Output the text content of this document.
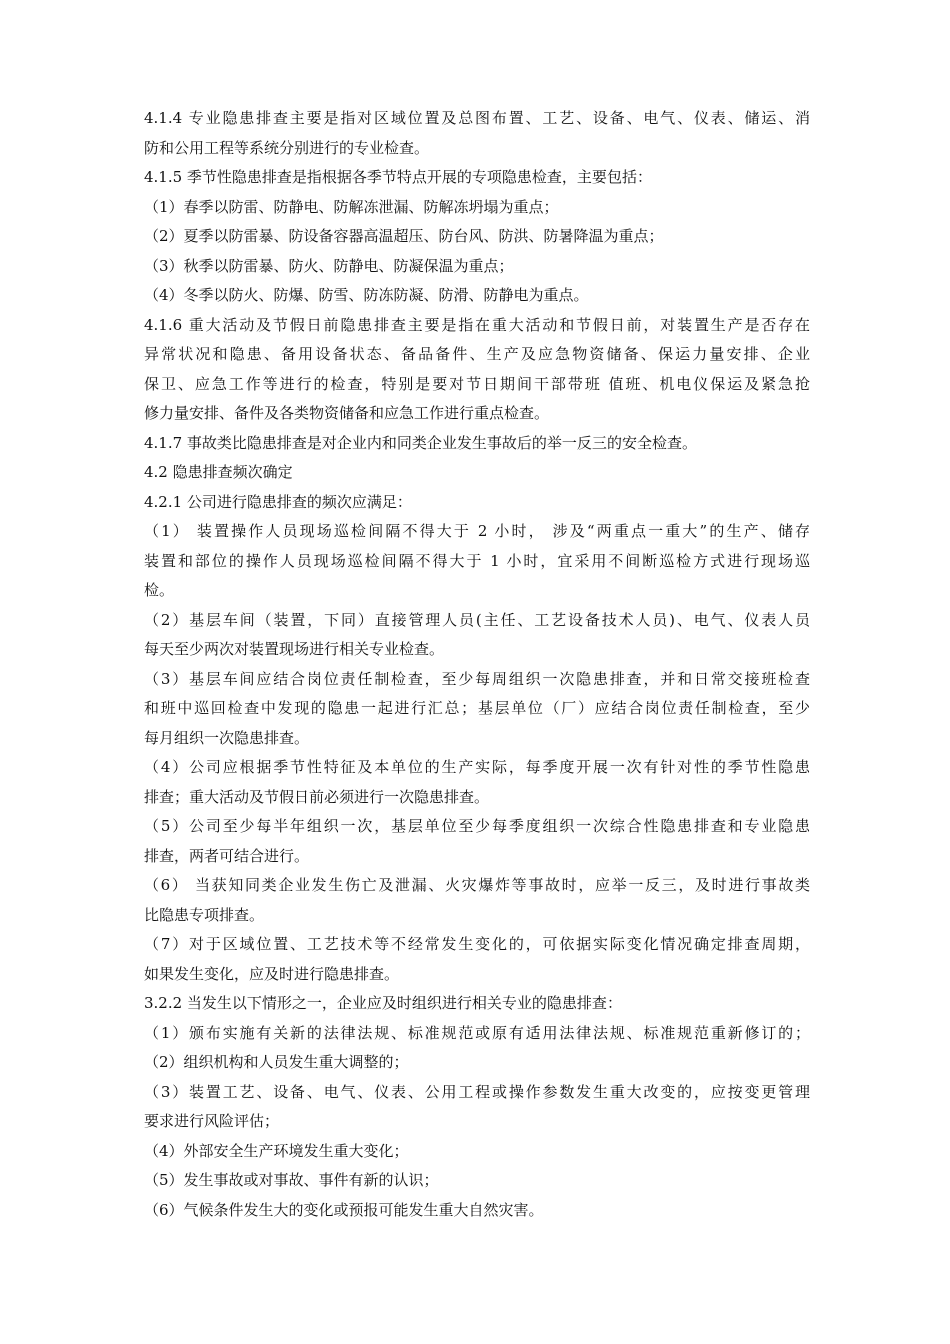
4.1.4 专业隐患排查主要是指对区域位置及总图布置、工艺、设备、电气、仪表、储运、消
防和公用工程等系统分别进行的专业检查。
4.1.5 季节性隐患排查是指根据各季节特点开展的专项隐患检查，主要包括：
（1）春季以防雷、防静电、防解冻泄漏、防解冻坍塌为重点；
（2）夏季以防雷暴、防设备容器高温超压、防台风、防洪、防暑降温为重点；
（3）秋季以防雷暴、防火、防静电、防凝保温为重点；
（4）冬季以防火、防爆、防雪、防冻防凝、防滑、防静电为重点。
4.1.6 重大活动及节假日前隐患排查主要是指在重大活动和节假日前，对装置生产是否存在
异常状况和隐患、备用设备状态、备品备件、生产及应急物资储备、保运力量安排、企业
保卫、应急工作等进行的检查，特别是要对节日期间干部带班 值班、机电仪保运及紧急抢
修力量安排、备件及各类物资储备和应急工作进行重点检查。
4.1.7 事故类比隐患排查是对企业内和同类企业发生事故后的举一反三的安全检查。
4.2 隐患排查频次确定
4.2.1 公司进行隐患排查的频次应满足：
（1） 装置操作人员现场巡检间隔不得大于 2 小时， 涉及“两重点一重大”的生产、储存
装置和部位的操作人员现场巡检间隔不得大于 1 小时，宜采用不间断巡检方式进行现场巡
检。
（2）基层车间（装置，下同）直接管理人员(主任、工艺设备技术人员)、电气、仪表人员
每天至少两次对装置现场进行相关专业检查。
（3）基层车间应结合岗位责任制检查，至少每周组织一次隐患排查，并和日常交接班检查
和班中巡回检查中发现的隐患一起进行汇总；基层单位（厂）应结合岗位责任制检查，至少
每月组织一次隐患排查。
（4）公司应根据季节性特征及本单位的生产实际，每季度开展一次有针对性的季节性隐患
排查；重大活动及节假日前必须进行一次隐患排查。
（5）公司至少每半年组织一次，基层单位至少每季度组织一次综合性隐患排查和专业隐患
排查，两者可结合进行。
（6） 当获知同类企业发生伤亡及泄漏、火灾爆炸等事故时，应举一反三，及时进行事故类
比隐患专项排查。
（7）对于区域位置、工艺技术等不经常发生变化的，可依据实际变化情况确定排查周期，
如果发生变化，应及时进行隐患排查。
3.2.2 当发生以下情形之一，企业应及时组织进行相关专业的隐患排查：
（1）颁布实施有关新的法律法规、标准规范或原有适用法律法规、标准规范重新修订的；
（2）组织机构和人员发生重大调整的；
（3）装置工艺、设备、电气、仪表、公用工程或操作参数发生重大改变的，应按变更管理
要求进行风险评估；
（4）外部安全生产环境发生重大变化；
（5）发生事故或对事故、事件有新的认识；
（6）气候条件发生大的变化或预报可能发生重大自然灾害。
